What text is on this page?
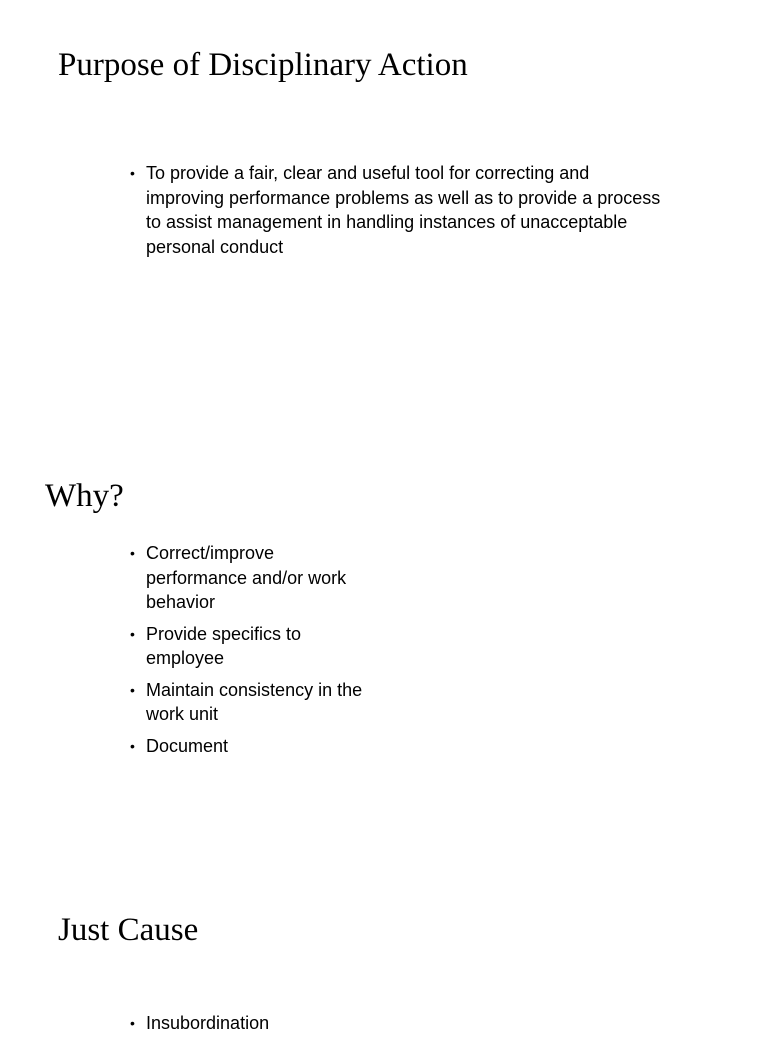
Purpose of Disciplinary Action
• To provide a fair, clear and useful tool for correcting and improving performance problems as well as to provide a process to assist management in handling instances of unacceptable personal conduct
Why?
• Correct/improve performance and/or work behavior
• Provide specifics to employee
• Maintain consistency in the work unit
• Document
Just Cause
• Insubordination
